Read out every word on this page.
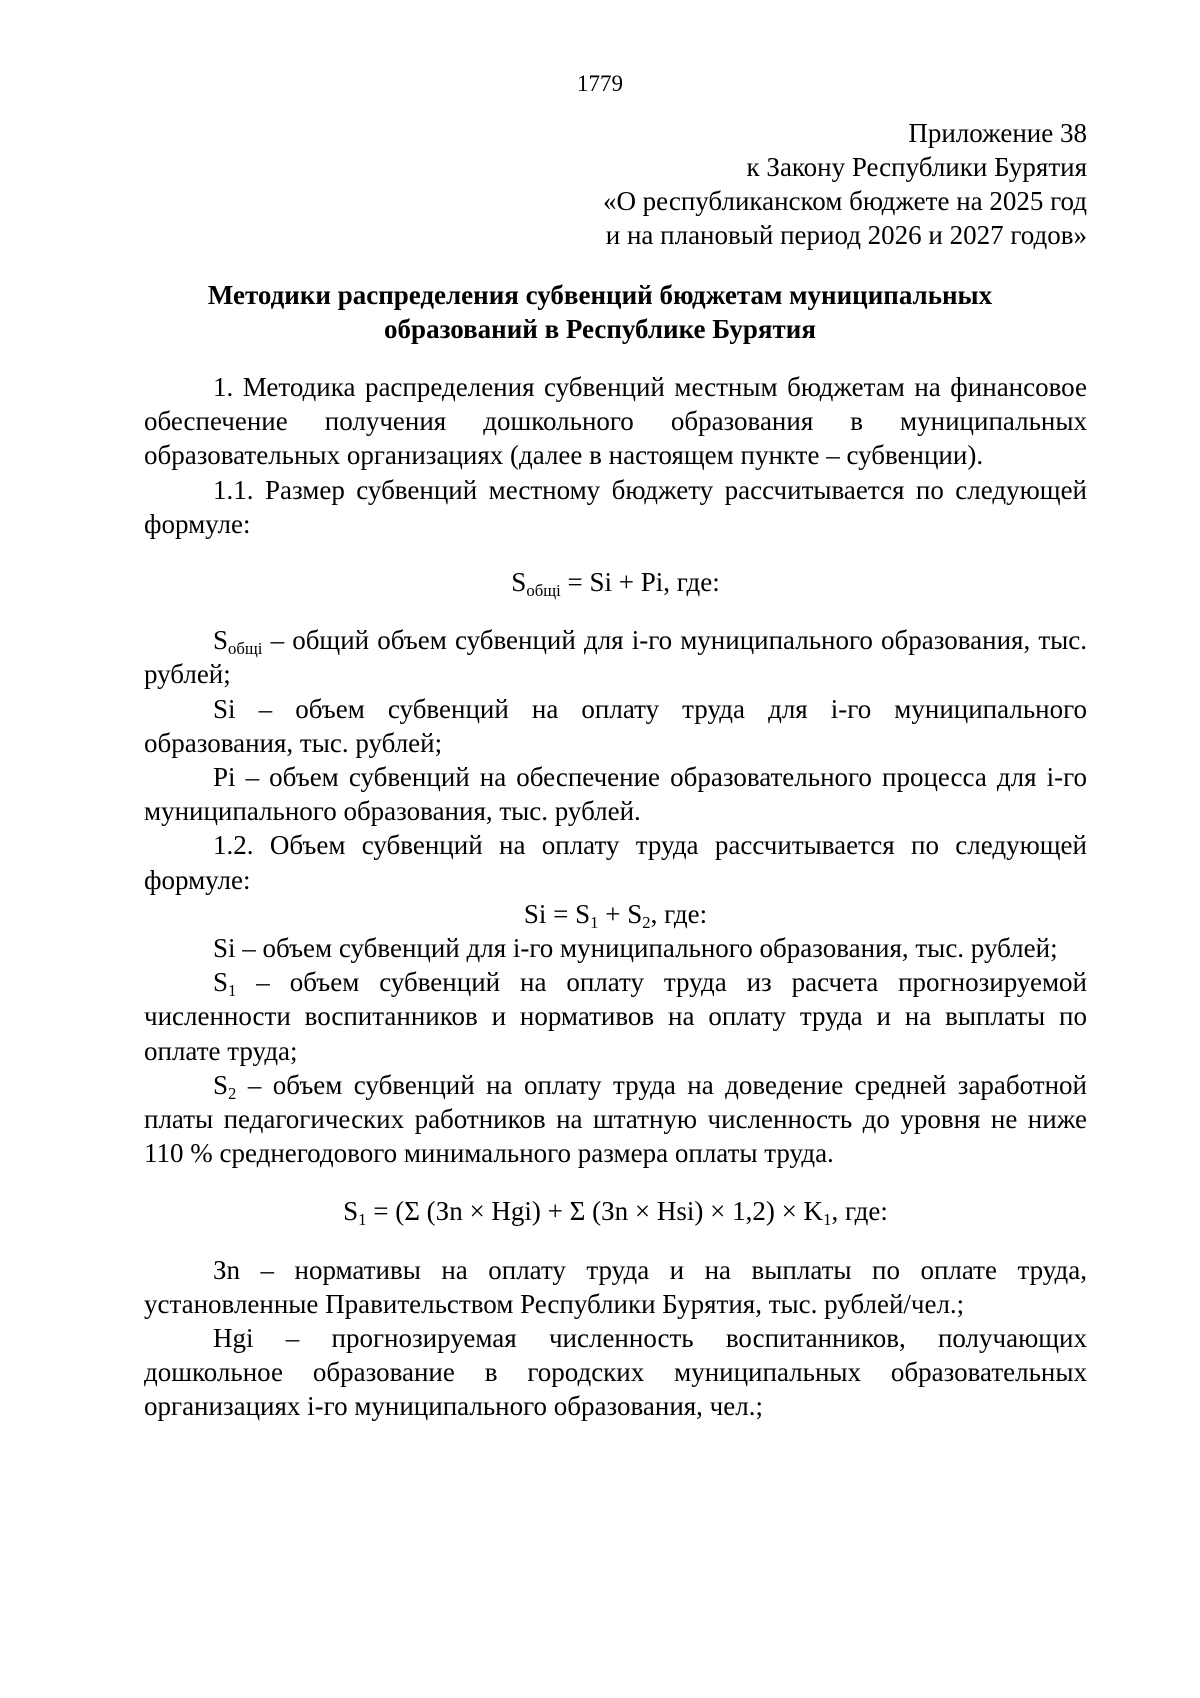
1779
Приложение 38
к Закону Республики Бурятия
«О республиканском бюджете на 2025 год
и на плановый период 2026 и 2027 годов»
Методики распределения субвенций бюджетам муниципальных
образований в Республике Бурятия

1. Методика распределения субвенций местным бюджетам на финансовое обеспечение получения дошкольного образования в муниципальных образовательных организациях (далее в настоящем пункте – субвенции).

1.1. Размер субвенций местному бюджету рассчитывается по следующей формуле:

$S_{общi} = Si + Pi$, где:

$S_{общi}$ – общий объем субвенций для i-го муниципального образования, тыс. рублей;

Si – объем субвенций на оплату труда для i-го муниципального образования, тыс. рублей;

Pi – объем субвенций на обеспечение образовательного процесса для i-го муниципального образования, тыс. рублей.

1.2. Объем субвенций на оплату труда рассчитывается по следующей формуле:

$Si = S_1 + S_2$, где:

Si – объем субвенций для i-го муниципального образования, тыс. рублей;

$S_1$ – объем субвенций на оплату труда из расчета прогнозируемой численности воспитанников и нормативов на оплату труда и на выплаты по оплате труда;

$S_2$ – объем субвенций на оплату труда на доведение средней заработной платы педагогических работников на штатную численность до уровня не ниже 110 % среднегодового минимального размера оплаты труда.

$S_1 = (\Sigma$ (Зn × Hgi) + Σ $(Зn \times Hsi) \times 1,2) \times K_1$, где:

Зn – нормативы на оплату труда и на выплаты по оплате труда, установленные Правительством Республики Бурятия, тыс. рублей/чел.;

Hgi – прогнозируемая численность воспитанников, получающих дошкольное образование в городских муниципальных образовательных организациях i-го муниципального образования, чел.;
